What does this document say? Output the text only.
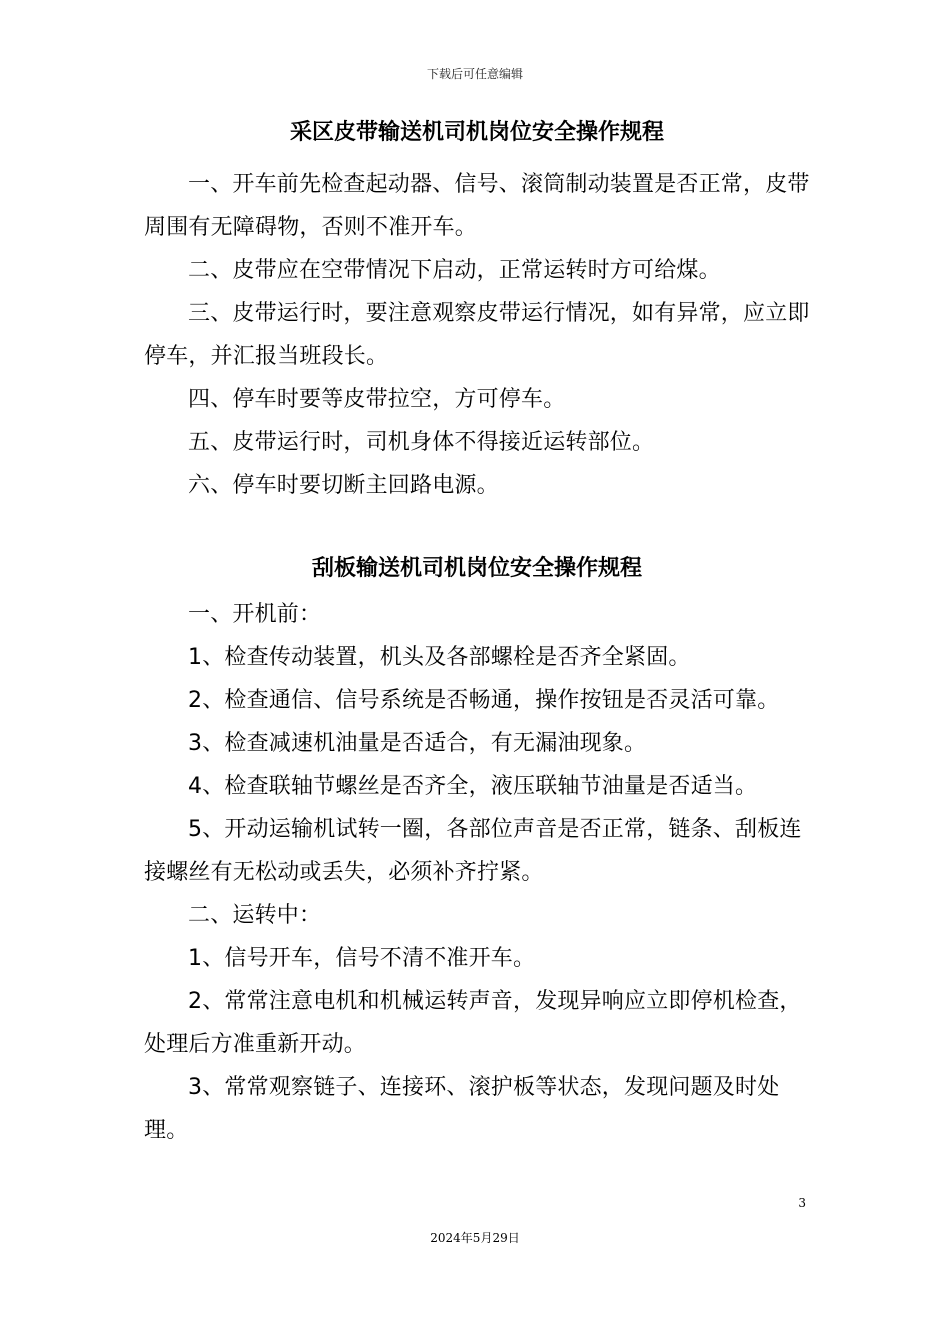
下载后可任意编辑
采区皮带输送机司机岗位安全操作规程

一、开车前先检查起动器、信号、滚筒制动装置是否正常，皮带周围有无障碍物，否则不准开车。

二、皮带应在空带情况下启动，正常运转时方可给煤。

三、皮带运行时，要注意观察皮带运行情况，如有异常，应立即停车，并汇报当班段长。

四、停车时要等皮带拉空，方可停车。

五、皮带运行时，司机身体不得接近运转部位。

六、停车时要切断主回路电源。

刮板输送机司机岗位安全操作规程

一、开机前：

1、检查传动装置，机头及各部螺栓是否齐全紧固。

2、检查通信、信号系统是否畅通，操作按钮是否灵活可靠。

3、检查减速机油量是否适合，有无漏油现象。

4、检查联轴节螺丝是否齐全，液压联轴节油量是否适当。

5、开动运输机试转一圈，各部位声音是否正常，链条、刮板连接螺丝有无松动或丢失，必须补齐拧紧。

二、运转中：

1、信号开车，信号不清不准开车。

2、常常注意电机和机械运转声音，发现异响应立即停机检查，处理后方准重新开动。

3、常常观察链子、连接环、滚护板等状态，发现问题及时处理。

3
2024年5月29日
